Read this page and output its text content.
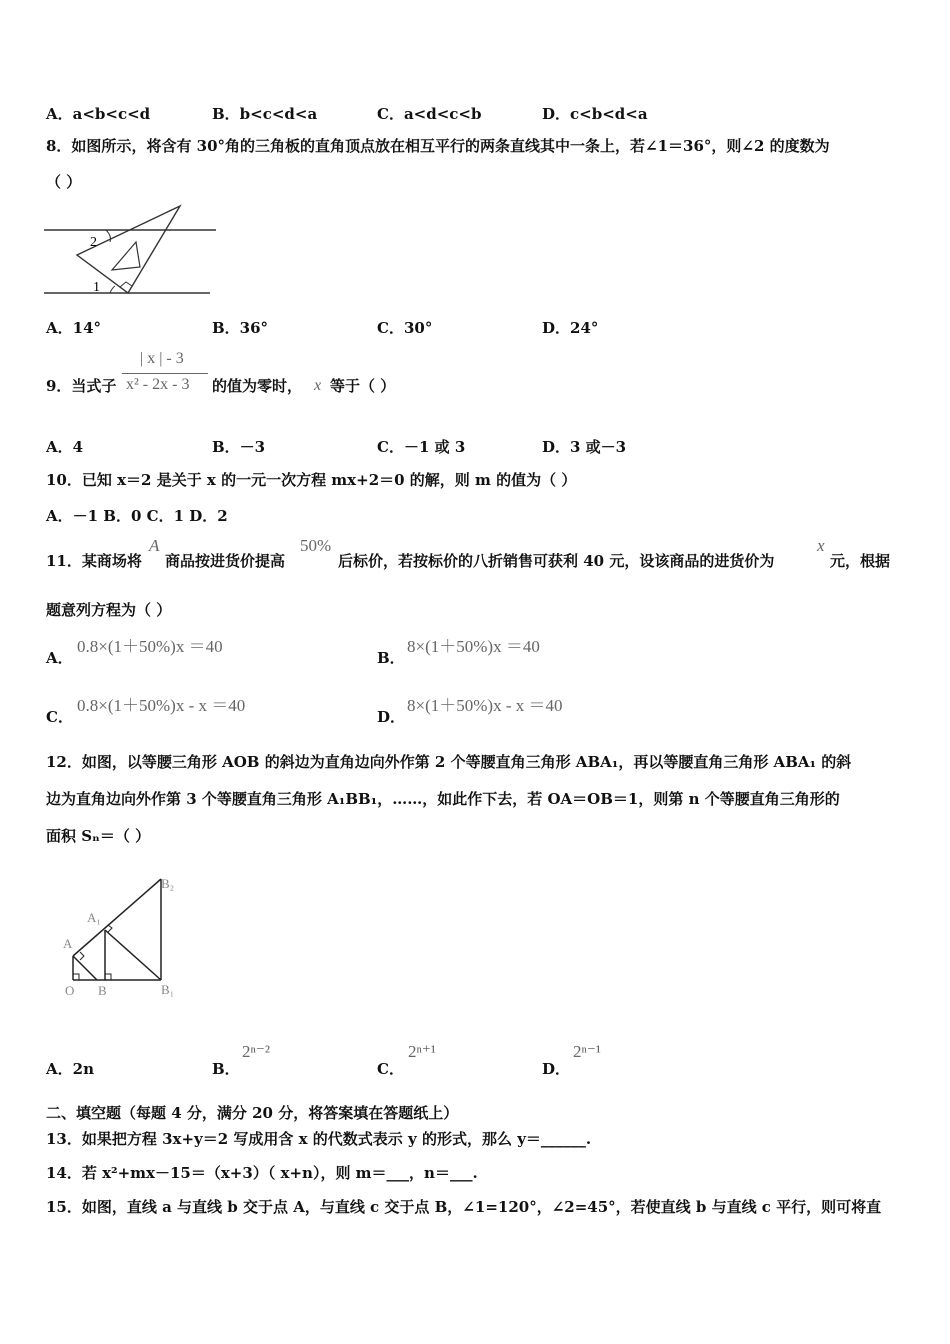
A．a<b<c<d	B．b<c<d<a	C．a<d<c<b	D．c<b<d<a
8．如图所示，将含有 30°角的三角板的直角顶点放在相互平行的两条直线其中一条上，若∠1＝36°，则∠2 的度数为
（ ）
2
1
A．14°	B．36°	C．30°	D．24°
9．当式子
| x | - 3
x² - 2x - 3 的值为零时， x 等于（ ）
A．4	B．－3	C．－1 或 3	D．3 或－3
10．已知 x＝2 是关于 x 的一元一次方程 mx+2＝0 的解，则 m 的值为（ ）
A．－1 B．0 C．1 D．2
11．某商场将
A
商品按进货价提高
50%
后标价，若按标价的八折销售可获利 40 元，设该商品的进货价为
x
元，根据
题意列方程为（ ）
A．
0.8×(1＋50%)x ＝40
B．
8×(1＋50%)x ＝40
C．
0.8×(1＋50%)x - x ＝40
D．
8×(1＋50%)x - x ＝40
12．如图，以等腰三角形 AOB 的斜边为直角边向外作第 2 个等腰直角三角形 ABA₁，再以等腰直角三角形 ABA₁ 的斜
边为直角边向外作第 3 个等腰直角三角形 A₁BB₁，……，如此作下去，若 OA＝OB＝1，则第 n 个等腰直角三角形的
面积 Sₙ＝（ ）
O B	B₁
A
A₁
B₂
A．2n	B．
2ⁿ⁻²
C．
2ⁿ⁺¹
D．
2ⁿ⁻¹
二、填空题（每题 4 分，满分 20 分，将答案填在答题纸上）
13．如果把方程 3x+y＝2 写成用含 x 的代数式表示 y 的形式，那么 y＝______.
14．若 x²+mx－15＝（x+3）（ x+n），则 m＝___，n＝___.
15．如图，直线 a 与直线 b 交于点 A，与直线 c 交于点 B，∠1=120°，∠2=45°，若使直线 b 与直线 c 平行，则可将直
